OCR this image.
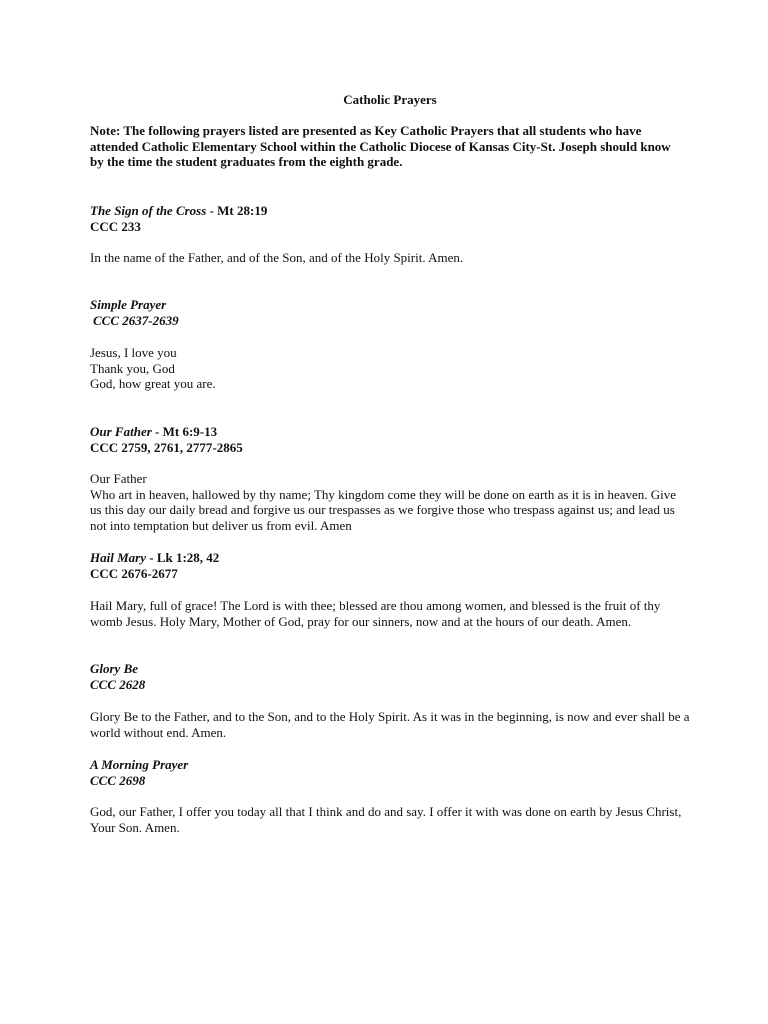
Catholic Prayers

Note: The following prayers listed are presented as Key Catholic Prayers that all students who have attended Catholic Elementary School within the Catholic Diocese of Kansas City-St. Joseph should know by the time the student graduates from the eighth grade.

The Sign of the Cross - Mt 28:19
CCC 233
In the name of the Father, and of the Son, and of the Holy Spirit. Amen.
Simple Prayer
CCC 2637-2639
Jesus, I love you
Thank you, God
God, how great you are.
Our Father - Mt 6:9-13
CCC 2759, 2761, 2777-2865
Our Father
Who art in heaven, hallowed by thy name; Thy kingdom come they will be done on earth as it is in heaven. Give us this day our daily bread and forgive us our trespasses as we forgive those who trespass against us; and lead us not into temptation but deliver us from evil. Amen
Hail Mary - Lk 1:28, 42
CCC 2676-2677
Hail Mary, full of grace! The Lord is with thee; blessed are thou among women, and blessed is the fruit of thy womb Jesus. Holy Mary, Mother of God, pray for our sinners, now and at the hours of our death. Amen.
Glory Be
CCC 2628
Glory Be to the Father, and to the Son, and to the Holy Spirit. As it was in the beginning, is now and ever shall be a world without end. Amen.
A Morning Prayer
CCC 2698
God, our Father, I offer you today all that I think and do and say. I offer it with was done on earth by Jesus Christ, Your Son. Amen.
